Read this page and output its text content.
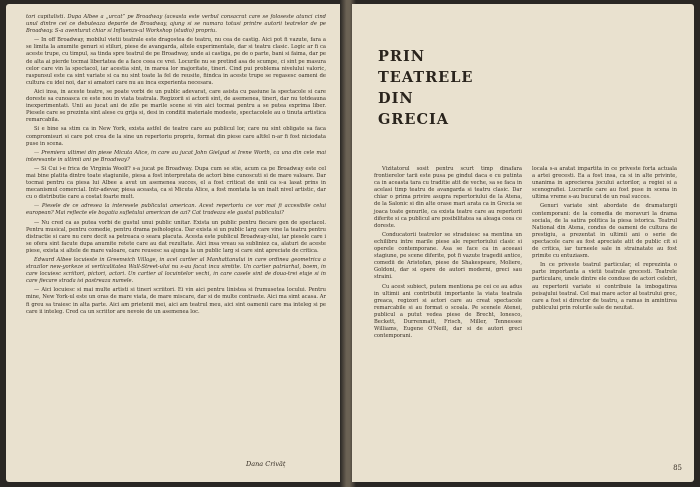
tori capitalisti. Dupa Albee a „urcat” pe Broadway (aceasta este verbul consacrat care se foloseste atunci cind unul dintre cei ce debuteaza departe de Broadway, ajung si se numara totusi printre autorii teatrelor de pe Broadway. S-a aventurat chiar si Influenzs-ul Workshop (studio) propriu.

— In off Broadway, mobilul vietii teatrale este dragostea de teatru, nu cea de castig. Aici pot fi vazute, fara a se limita la anumite genuri si stiluri, piese de avangarda, altele experimentale, dar si teatru clasic. Logic ar fi ca aceste trupe, cu timpul, sa tinda spre teatrul de pe Broadway, unde ai castiga, pe de o parte, bani si faima, dar pe de alta ai pierde tocmai libertatea de a face ceea ce vrei. Locurile nu se pretind asa de scumpe, ci sint pe masura celor care vin la spectacol, iar acestia sint, in marea lor majoritate, tineri. Cind pui problema nivelului valoric, raspunsul este ca sint variate si ca nu sint toate la fel de reusite, fiindca in aceste trupe se regasesc oameni de cultura cu idei noi, dar si amatori care nu au inca experienta necesara.

Aici insa, in aceste teatre, se poate vorbi de un public adevarat, care asista cu pasiune la spectacole si care doreste sa cunoasca ce este nou in viata teatrala. Regizorii si actorii sint, de asemenea, tineri, dar nu totdeauna inexperimentati. Unii au jucat ani de zile pe marile scene si vin aici tocmai pentru a se putea exprima liber. Piesele care se prezinta sint alese cu grija si, desi in conditii materiale modeste, spectacolele au o tinuta artistica remarcabila.

Si e bine sa stim ca in New York, exista astfel de teatre care au publicul lor, care nu sint obligate sa faca compromisuri si care pot crea de la sine un repertoriu propriu, format din piese care altfel n-ar fi fost niciodata puse in scena.

— Premiera ultimei din piese Micuta Alice, in care au jucat John Gielgud si Irene Worth, ca una din cele mai interesante in ultimii ani pe Broadway?

— Si Cui i-e frica de Virginia Woolf? s-a jucat pe Broadway. Dupa cum se stie, acum ca pe Broadway este cel mai bine platita dintre toate stagiunile, piesa a fost interpretata de actori bine cunoscuti si de mare valoare. Dar tocmai pentru ca piesa lui Albee a avut un asemenea succes, el a fost criticat de unii ca s-a lasat prins in mecanismul comercial. Intr-adevar, piesa aceasta, ca si Micuta Alice, a fost montata la un inalt nivel artistic, dar cu o distributie care a costat foarte mult.

— Piesele de ce adresea la interesele publicului american. Acest repertoriu ce vor mai fi accesibile celui european? Mai reflecte ele bogatia sufletului american de azi? Cat tradeaza ele gustul publicului?

— Nu cred ca as putea vorbi de gustul unui public unitar. Exista un public pentru fiecare gen de spectacol. Pentru musical, pentru comedie, pentru drama psihologica. Dar exista si un public larg care vine la teatru pentru distractie si care nu cere decit sa petreaca o seara placuta. Acesta este publicul Broadway-ului, iar piesele care i se ofera sint facute dupa anumite retete care au dat rezultate. Aici insa vreau sa subliniez ca, alaturi de aceste piese, exista si altele de mare valoare, care reusesc sa ajunga la un public larg si care sint apreciate de critica.

Edward Albee locuieste in Greenwich Village, in acel cartier al Manhattanului in care ordinea geometrica a strazilor new-yorkeze si verticalitatea Wall-Street-ului nu s-au facut inca simtite. Un cartier patriarhal, boem, in care locuiesc scriitori, pictori, actori. Un cartier al locuintelor vechi, in care casele sint de doua-trei etaje si in care fiecare strada isi pastreaza numele.

— Aici locuiesc si mai multe artisti si tineri scriitori. Ei vin aici pentru linistea si frumusetea locului. Pentru mine, New York-ul este un oras de mare viata, de mare miscare, dar si de multe contraste. Aici ma simt acasa. Ar fi greu sa traiesc in alta parte. Aici am prietenii mei, aici am teatrul meu, aici sint oamenii care ma inteleg si pe care ii inteleg. Cred ca un scriitor are nevoie de un asemenea loc.

Dana Crivăț
PRIN
TEATRELE
DIN
GRECIA

Vizitatorul sosit pentru scurt timp dinafara frontierelor tarii este pusa pe gindul daca e cu putinta ca in aceasta tara cu traditie atit de veche, sa se faca in acelasi timp teatru de avangarda si teatru clasic. Dar chiar o prima privire asupra repertoriului de la Atena, de la Salonic si din alte orase mari arata ca in Grecia se joaca toate genurile, ca exista teatre care au repertorii diferite si ca publicul are posibilitatea sa aleaga ceea ce doreste.

Conducatorii teatrelor se straduiesc sa mentina un echilibru intre marile piese ale repertoriului clasic si operele contemporane. Asa se face ca in aceeasi stagiune, pe scene diferite, pot fi vazute tragedii antice, comedii de Aristofan, piese de Shakespeare, Moliere, Goldoni, dar si opere de autori moderni, greci sau straini.

Cu acest subiect, putem mentiona pe cei ce au adus in ultimii ani contributii importante la viata teatrala greaca, regizori si actori care au creat spectacole remarcabile si au format o scoala. Pe scenele Atenei, publicul a putut vedea piese de Brecht, Ionesco, Beckett, Durrenmatt, Frisch, Miller, Tennessee Williams, Eugene O'Neill, dar si de autori greci contemporani.

locala s-a aratat impartita in ce priveste forta actuala a artei grecesti. Ea a fost insa, ca si in alte privinte, unanima in aprecierea jocului actorilor, a regiei si a scenografiei. Lucrarile care au fost puse in scena in ultima vreme s-au bucurat de un real succes.

Genuri variate sint abordate de dramaturgii contemporani: de la comedia de moravuri la drama sociala, de la satira politica la piesa istorica. Teatrul National din Atena, condus de oameni de cultura de prestigiu, a prezentat in ultimii ani o serie de spectacole care au fost apreciate atit de public cit si de critica, iar turneele sale in strainatate au fost primite cu entuziasm.

In ce priveste teatrul particular, el reprezinta o parte importanta a vietii teatrale grecesti. Teatrele particulare, unele dintre ele conduse de actori celebri, au repertorii variate si contribuie la imbogatirea peisajului teatral. Cel mai mare actor al teatrului grec, care a fost si director de teatru, a ramas in amintirea publicului prin rolurile sale de neuitat.

85
